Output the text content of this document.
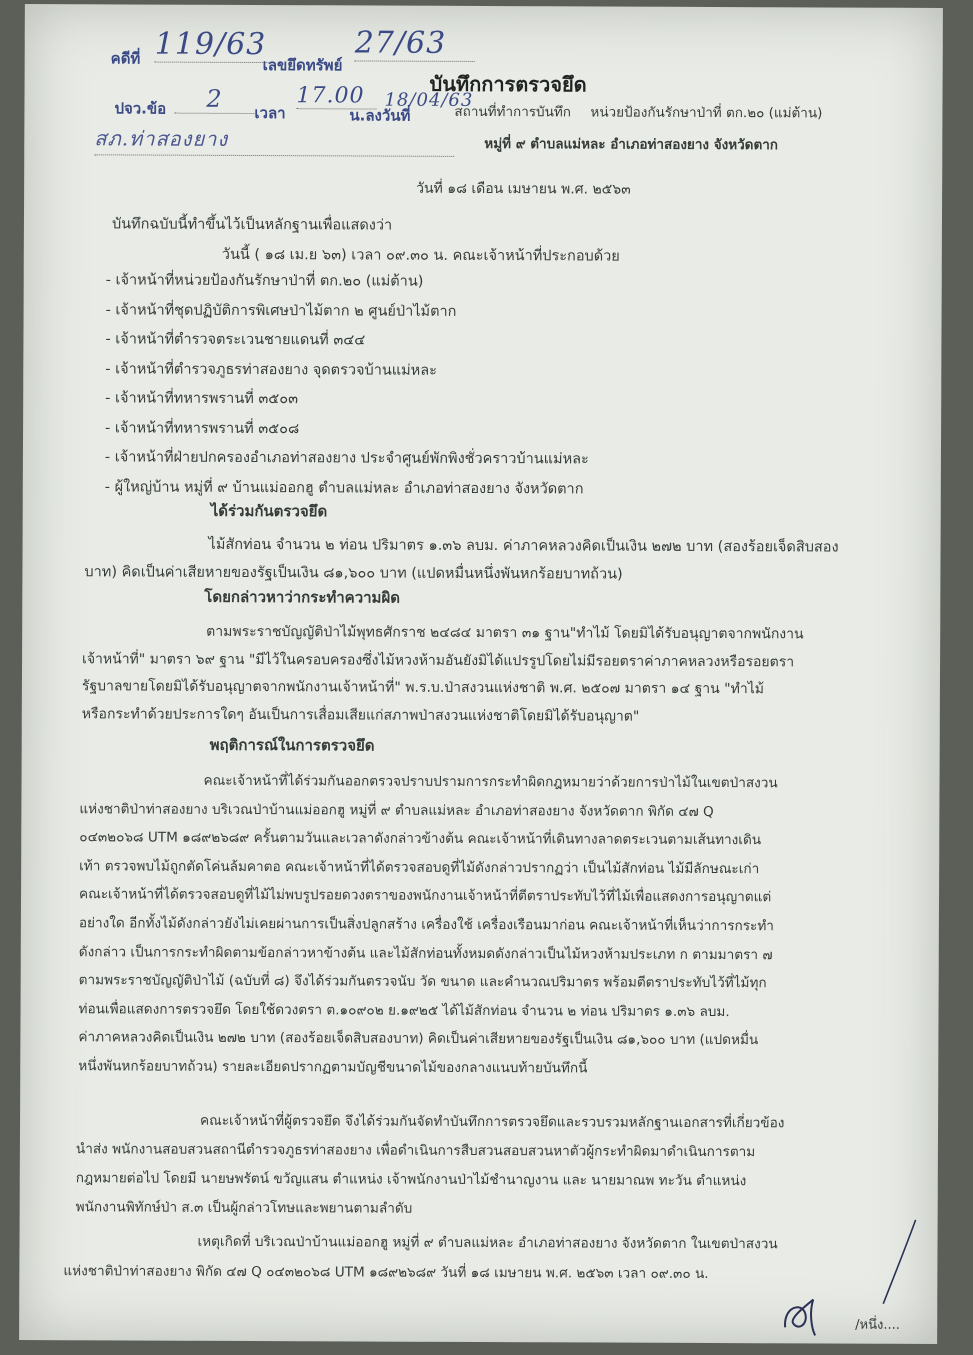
คดีที่ 119/63
เลขยึดทรัพย์
27/63
บันทึกการตรวจยึด
ปจว.ข้อ	2
เวลา
17.00
น.ลงวันที่
18/04/63
สถานที่ทำการบันทึก หน่วยป้องกันรักษาป่าที่ ตก.๒๐ (แม่ต้าน)
สภ.ท่าสองยาง	หมู่ที่ ๙ ตำบลแม่หละ อำเภอท่าสองยาง จังหวัดตาก
วันที่ ๑๘ เดือน เมษายน พ.ศ. ๒๕๖๓
บันทึกฉบับนี้ทำขึ้นไว้เป็นหลักฐานเพื่อแสดงว่า
วันนี้ ( ๑๘ เม.ย ๖๓) เวลา ๐๙.๓๐ น. คณะเจ้าหน้าที่ประกอบด้วย
- เจ้าหน้าที่หน่วยป้องกันรักษาป่าที่ ตก.๒๐ (แม่ต้าน)
- เจ้าหน้าที่ชุดปฏิบัติการพิเศษป่าไม้ตาก ๒ ศูนย์ป่าไม้ตาก
- เจ้าหน้าที่ตำรวจตระเวนชายแดนที่ ๓๔๔
- เจ้าหน้าที่ตำรวจภูธรท่าสองยาง จุดตรวจบ้านแม่หละ
- เจ้าหน้าที่ทหารพรานที่ ๓๕๐๓
- เจ้าหน้าที่ทหารพรานที่ ๓๕๐๘
- เจ้าหน้าที่ฝ่ายปกครองอำเภอท่าสองยาง ประจำศูนย์พักพิงชั่วคราวบ้านแม่หละ
- ผู้ใหญ่บ้าน หมู่ที่ ๙ บ้านแม่ออกฮู ตำบลแม่หละ อำเภอท่าสองยาง จังหวัดตาก
ได้ร่วมกันตรวจยึด
ไม้สักท่อน จำนวน ๒ ท่อน ปริมาตร ๑.๓๖ ลบม. ค่าภาคหลวงคิดเป็นเงิน ๒๗๒ บาท (สองร้อยเจ็ดสิบสอง
บาท) คิดเป็นค่าเสียหายของรัฐเป็นเงิน ๘๑,๖๐๐ บาท (แปดหมื่นหนึ่งพันหกร้อยบาทถ้วน)
โดยกล่าวหาว่ากระทำความผิด
ตามพระราชบัญญัติป่าไม้พุทธศักราช ๒๔๘๔ มาตรา ๓๑ ฐาน"ทำไม้ โดยมิได้รับอนุญาตจากพนักงาน
เจ้าหน้าที่" มาตรา ๖๙ ฐาน "มีไว้ในครอบครองซึ่งไม้หวงห้ามอันยังมิได้แปรรูปโดยไม่มีรอยตราค่าภาคหลวงหรือรอยตรา
รัฐบาลขายโดยมิได้รับอนุญาตจากพนักงานเจ้าหน้าที่" พ.ร.บ.ป่าสงวนแห่งชาติ พ.ศ. ๒๕๐๗ มาตรา ๑๔ ฐาน "ทำไม้
หรือกระทำด้วยประการใดๆ อันเป็นการเสื่อมเสียแก่สภาพป่าสงวนแห่งชาติโดยมิได้รับอนุญาต"
พฤติการณ์ในการตรวจยึด
คณะเจ้าหน้าที่ได้ร่วมกันออกตรวจปราบปรามการกระทำผิดกฎหมายว่าด้วยการป่าไม้ในเขตป่าสงวน
แห่งชาติป่าท่าสองยาง บริเวณป่าบ้านแม่ออกฮู หมู่ที่ ๙ ตำบลแม่หละ อำเภอท่าสองยาง จังหวัดตาก พิกัด ๔๗ Q
๐๔๓๒๐๖๘ UTM ๑๘๙๒๖๘๙ ครั้นตามวันและเวลาดังกล่าวข้างต้น คณะเจ้าหน้าที่เดินทางลาดตระเวนตามเส้นทางเดิน
เท้า ตรวจพบไม้ถูกตัดโค่นล้มคาตอ คณะเจ้าหน้าที่ได้ตรวจสอบดูที่ไม้ดังกล่าวปรากฏว่า เป็นไม้สักท่อน ไม้มีลักษณะเก่า
คณะเจ้าหน้าที่ได้ตรวจสอบดูที่ไม้ไม่พบรูปรอยดวงตราของพนักงานเจ้าหน้าที่ตีตราประทับไว้ที่ไม้เพื่อแสดงการอนุญาตแต่
อย่างใด อีกทั้งไม้ดังกล่าวยังไม่เคยผ่านการเป็นสิ่งปลูกสร้าง เครื่องใช้ เครื่องเรือนมาก่อน คณะเจ้าหน้าที่เห็นว่าการกระทำ
ดังกล่าว เป็นการกระทำผิดตามข้อกล่าวหาข้างต้น และไม้สักท่อนทั้งหมดดังกล่าวเป็นไม้หวงห้ามประเภท ก ตามมาตรา ๗
ตามพระราชบัญญัติป่าไม้ (ฉบับที่ ๘) จึงได้ร่วมกันตรวจนับ วัด ขนาด และคำนวณปริมาตร พร้อมตีตราประทับไว้ที่ไม้ทุก
ท่อนเพื่อแสดงการตรวจยึด โดยใช้ดวงตรา ต.๑๐๙๐๒ ย.๑๙๒๕ ได้ไม้สักท่อน จำนวน ๒ ท่อน ปริมาตร ๑.๓๖ ลบม.
ค่าภาคหลวงคิดเป็นเงิน ๒๗๒ บาท (สองร้อยเจ็ดสิบสองบาท) คิดเป็นค่าเสียหายของรัฐเป็นเงิน ๘๑,๖๐๐ บาท (แปดหมื่น
หนึ่งพันหกร้อยบาทถ้วน) รายละเอียดปรากฏตามบัญชีขนาดไม้ของกลางแนบท้ายบันทึกนี้
คณะเจ้าหน้าที่ผู้ตรวจยึด จึงได้ร่วมกันจัดทำบันทึกการตรวจยึดและรวบรวมหลักฐานเอกสารที่เกี่ยวข้อง
นำส่ง พนักงานสอบสวนสถานีตำรวจภูธรท่าสองยาง เพื่อดำเนินการสืบสวนสอบสวนหาตัวผู้กระทำผิดมาดำเนินการตาม
กฎหมายต่อไป โดยมี นายษพรัตน์ ขวัญแสน ตำแหน่ง เจ้าพนักงานป่าไม้ชำนาญงาน และ นายมาณพ ทะวัน ตำแหน่ง
พนักงานพิทักษ์ป่า ส.๓ เป็นผู้กล่าวโทษและพยานตามลำดับ
เหตุเกิดที่ บริเวณป่าบ้านแม่ออกฮู หมู่ที่ ๙ ตำบลแม่หละ อำเภอท่าสองยาง จังหวัดตาก ในเขตป่าสงวน
แห่งชาติป่าท่าสองยาง พิกัด ๔๗ Q ๐๔๓๒๐๖๘ UTM ๑๘๙๒๖๘๙ วันที่ ๑๘ เมษายน พ.ศ. ๒๕๖๓ เวลา ๐๙.๓๐ น.
/หนึ่ง....
